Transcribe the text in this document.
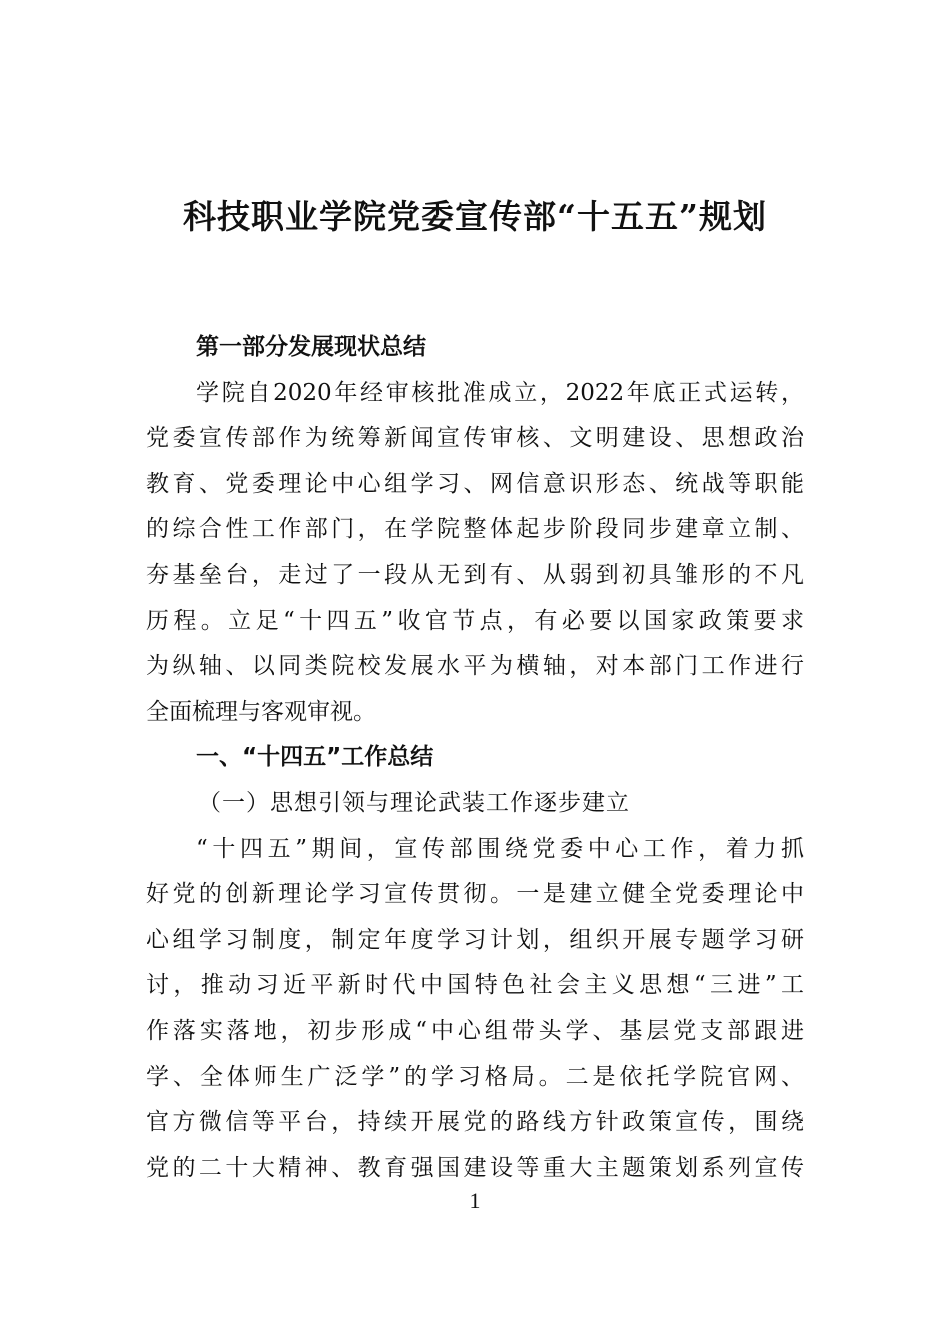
科技职业学院党委宣传部“十五五”规划
第一部分发展现状总结
学院自2020年经审核批准成立，2022年底正式运转，
党委宣传部作为统筹新闻宣传审核、文明建设、思想政治
教育、党委理论中心组学习、网信意识形态、统战等职能
的综合性工作部门，在学院整体起步阶段同步建章立制、
夯基垒台，走过了一段从无到有、从弱到初具雏形的不凡
历程。立足“十四五”收官节点，有必要以国家政策要求
为纵轴、以同类院校发展水平为横轴，对本部门工作进行
全面梳理与客观审视。
一、“十四五”工作总结
（一）思想引领与理论武装工作逐步建立
“十四五”期间，宣传部围绕党委中心工作，着力抓
好党的创新理论学习宣传贯彻。一是建立健全党委理论中
心组学习制度，制定年度学习计划，组织开展专题学习研
讨，推动习近平新时代中国特色社会主义思想“三进”工
作落实落地，初步形成“中心组带头学、基层党支部跟进
学、全体师生广泛学”的学习格局。二是依托学院官网、
官方微信等平台，持续开展党的路线方针政策宣传，围绕
党的二十大精神、教育强国建设等重大主题策划系列宣传
1
